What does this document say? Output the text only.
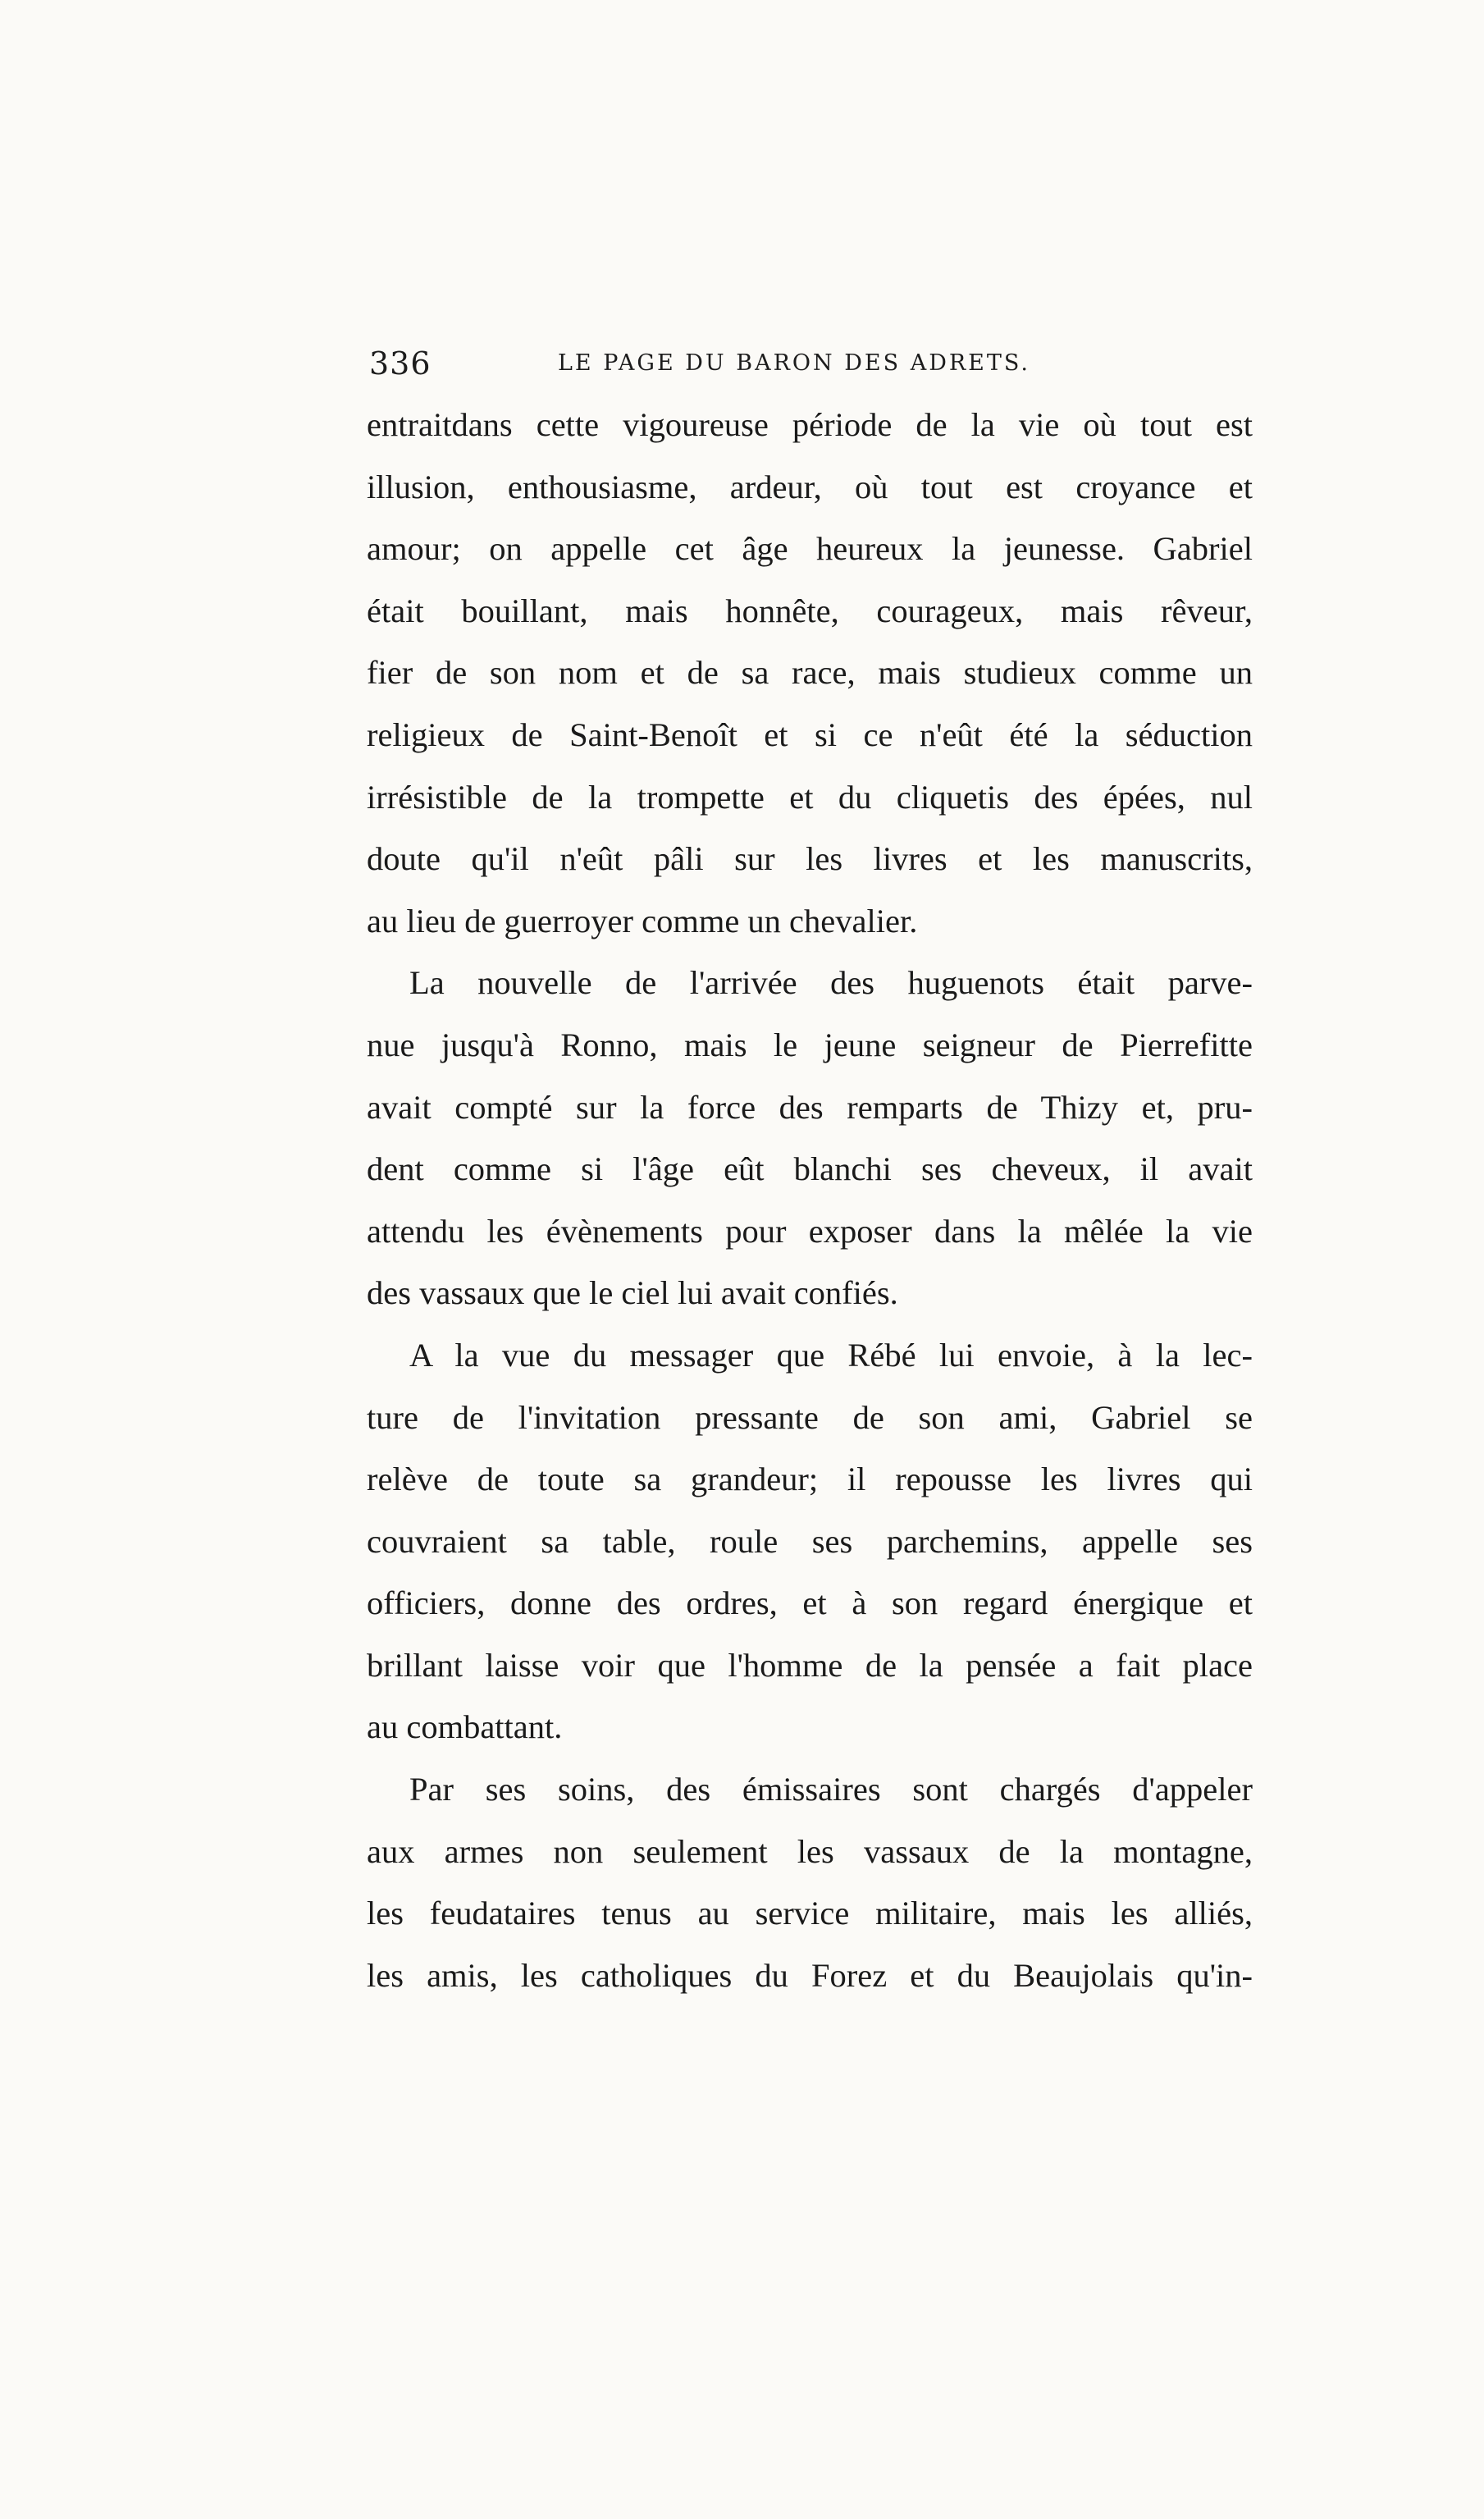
336	LE PAGE DU BARON DES ADRETS.
entraitdans cette vigoureuse période de la vie où tout est
illusion, enthousiasme, ardeur, où tout est croyance et
amour; on appelle cet âge heureux la jeunesse. Gabriel
était bouillant, mais honnête, courageux, mais rêveur,
fier de son nom et de sa race, mais studieux comme un
religieux de Saint-Benoît et si ce n'eût été la séduction
irrésistible de la trompette et du cliquetis des épées, nul
doute qu'il n'eût pâli sur les livres et les manuscrits,
au lieu de guerroyer comme un chevalier.
La nouvelle de l'arrivée des huguenots était parve-
nue jusqu'à Ronno, mais le jeune seigneur de Pierrefitte
avait compté sur la force des remparts de Thizy et, pru-
dent comme si l'âge eût blanchi ses cheveux, il avait
attendu les évènements pour exposer dans la mêlée la vie
des vassaux que le ciel lui avait confiés.
A la vue du messager que Rébé lui envoie, à la lec-
ture de l'invitation pressante de son ami, Gabriel se
relève de toute sa grandeur; il repousse les livres qui
couvraient sa table, roule ses parchemins, appelle ses
officiers, donne des ordres, et à son regard énergique et
brillant laisse voir que l'homme de la pensée a fait place
au combattant.
Par ses soins, des émissaires sont chargés d'appeler
aux armes non seulement les vassaux de la montagne,
les feudataires tenus au service militaire, mais les alliés,
les amis, les catholiques du Forez et du Beaujolais qu'in-
